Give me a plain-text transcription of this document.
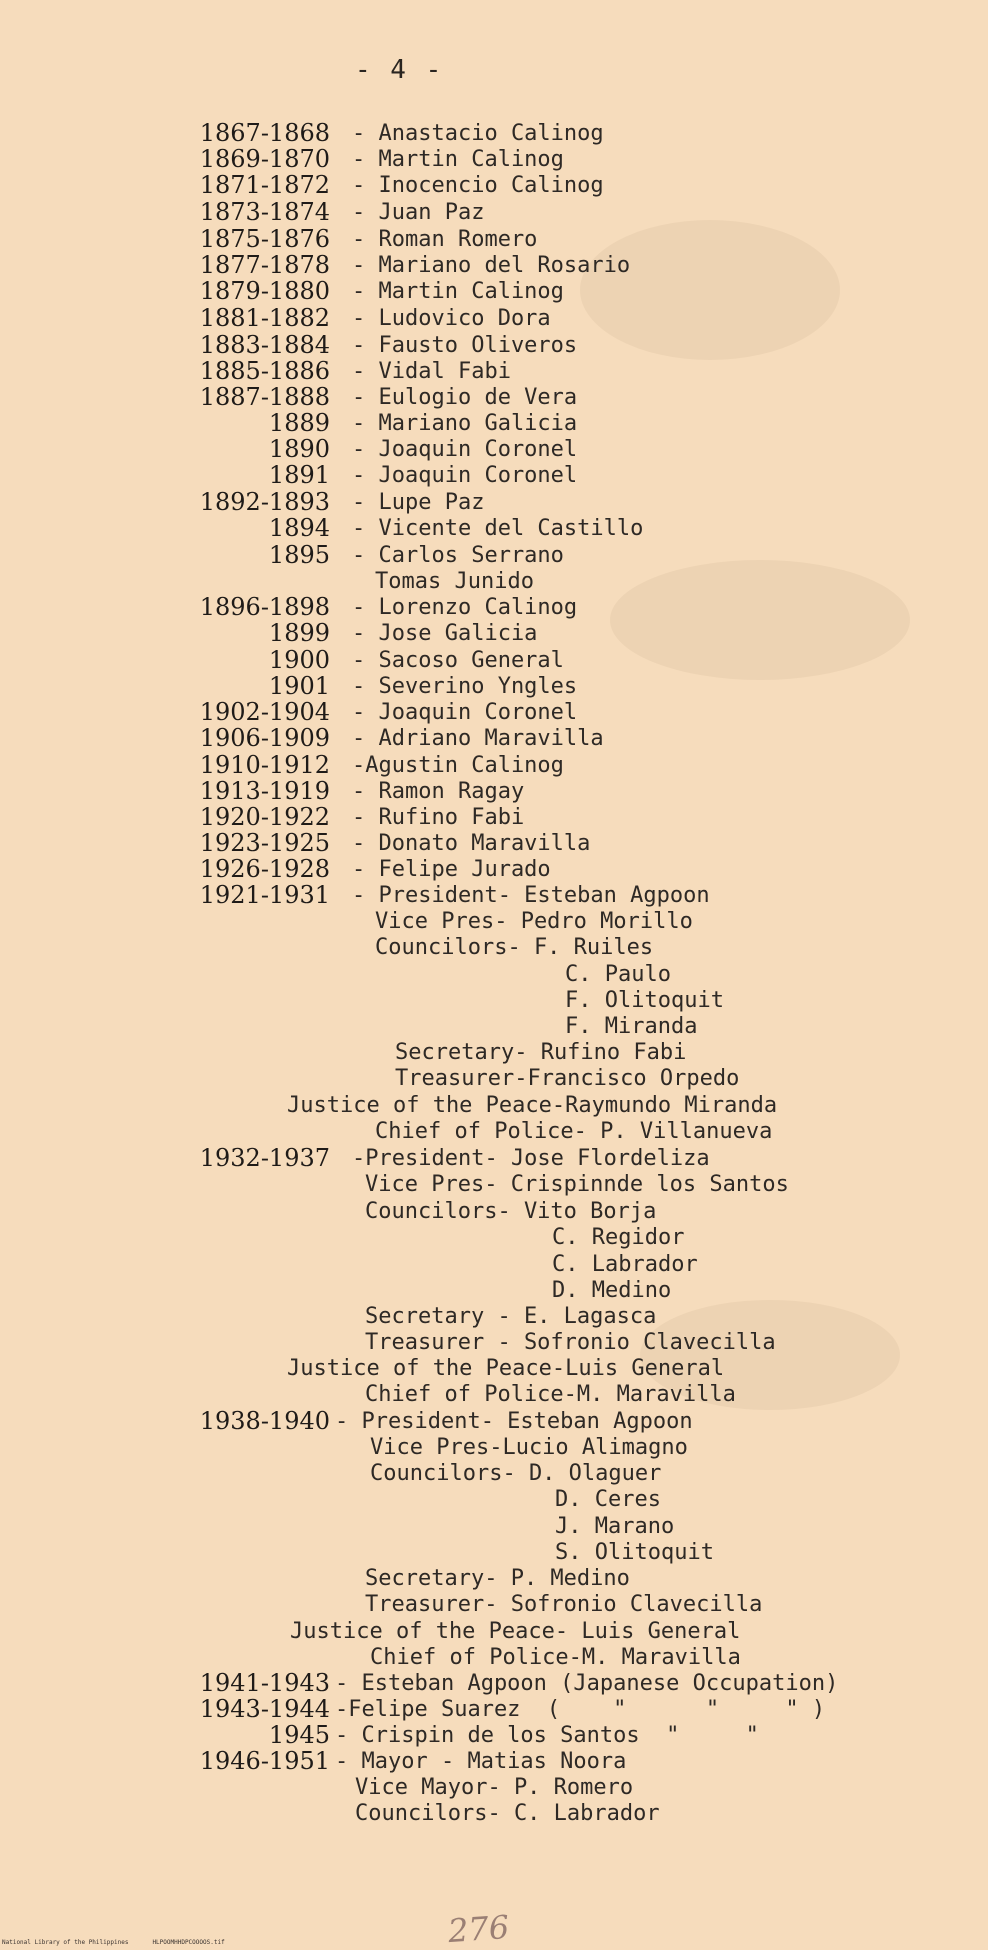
- 4 -
1867-1868 - Anastacio Calinog
1869-1870 - Martin Calinog
1871-1872 - Inocencio Calinog
1873-1874 - Juan Paz
1875-1876 - Roman Romero
1877-1878 - Mariano del Rosario
1879-1880 - Martin Calinog
1881-1882 - Ludovico Dora
1883-1884 - Fausto Oliveros
1885-1886 - Vidal Fabi
1887-1888 - Eulogio de Vera
1889 - Mariano Galicia
1890 - Joaquin Coronel
1891 - Joaquin Coronel
1892-1893 - Lupe Paz
1894 - Vicente del Castillo
1895 - Carlos Serrano
Tomas Junido
1896-1898 - Lorenzo Calinog
1899 - Jose Galicia
1900 - Sacoso General
1901 - Severino Yngles
1902-1904 - Joaquin Coronel
1906-1909 - Adriano Maravilla
1910-1912 -Agustin Calinog
1913-1919 - Ramon Ragay
1920-1922 - Rufino Fabi
1923-1925 - Donato Maravilla
1926-1928 - Felipe Jurado
1921-1931 - President- Esteban Agpoon
Vice Pres- Pedro Morillo
Councilors- F. Ruiles
C. Paulo
F. Olitoquit
F. Miranda
Secretary- Rufino Fabi
Treasurer-Francisco Orpedo
Justice of the Peace-Raymundo Miranda
Chief of Police- P. Villanueva
1932-1937 -President- Jose Flordeliza
Vice Pres- Crispinnde los Santos
Councilors- Vito Borja
C. Regidor
C. Labrador
D. Medino
Secretary - E. Lagasca
Treasurer - Sofronio Clavecilla
Justice of the Peace-Luis General
Chief of Police-M. Maravilla
1938-1940 - President- Esteban Agpoon
Vice Pres-Lucio Alimagno
Councilors- D. Olaguer
D. Ceres
J. Marano
S. Olitoquit
Secretary- P. Medino
Treasurer- Sofronio Clavecilla
Justice of the Peace- Luis General
Chief of Police-M. Maravilla
1941-1943 - Esteban Agpoon (Japanese Occupation)
1943-1944 -Felipe Suarez  (    "      "     " )
1945 - Crispin de los Santos  "     "
1946-1951 - Mayor - Matias Noora
Vice Mayor- P. Romero
Councilors- C. Labrador
276
National Library of the Philippines	HLPOOMHHDPCOOOOS.tif
